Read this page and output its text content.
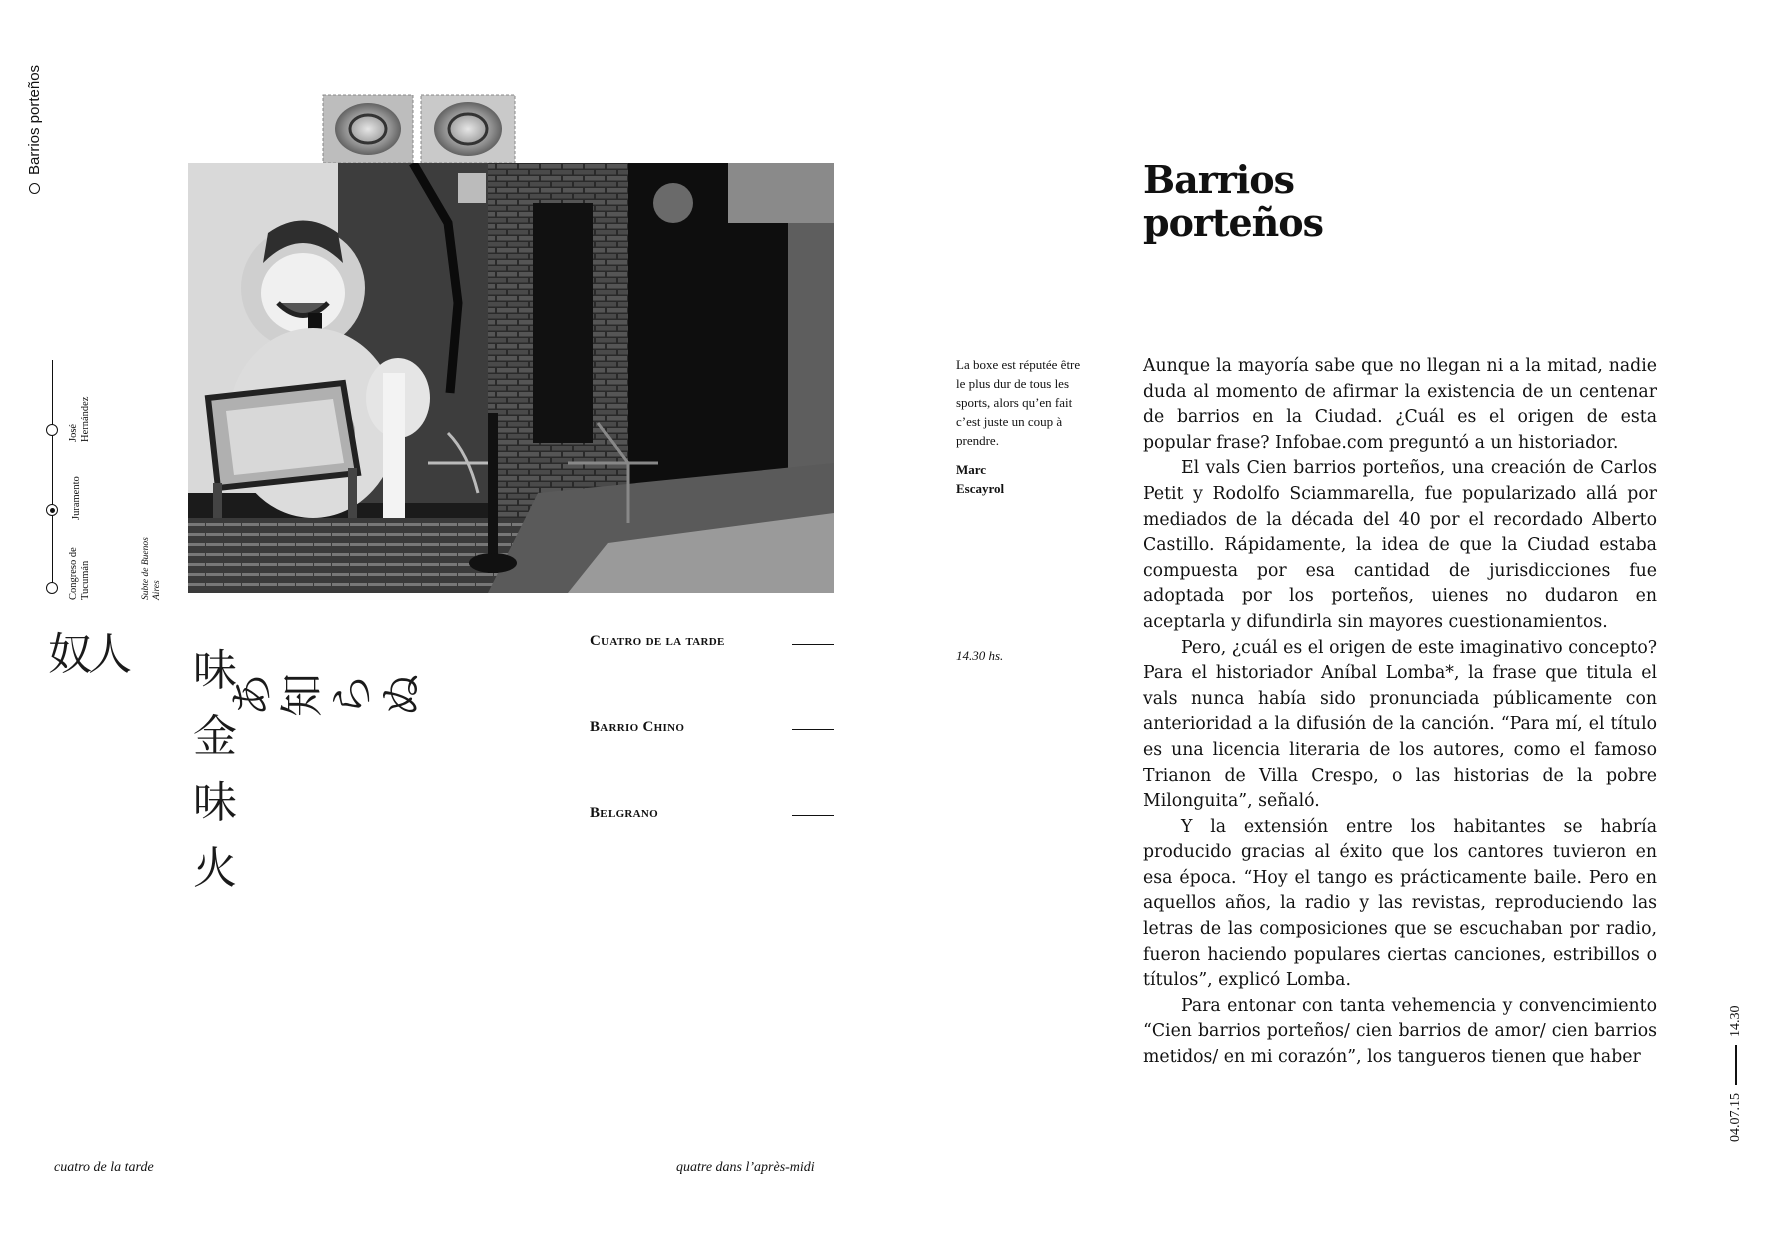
Barrios porteños
Congreso de Tucumán
Juramento
José Hernández
Subte de Buenos Aires
奴人 味金味火
あ知らぬ
Cuatro de la tarde
Barrio Chino
Belgrano
La boxe est réputée être le plus dur de tous les sports, alors qu’en fait c’est juste un coup à prendre.
Marc
Escayrol
14.30 hs.
Barrios
porteños

Aunque la mayoría sabe que no llegan ni a la mitad, nadie duda al momento de afirmar la existencia de un centenar de barrios en la Ciudad. ¿Cuál es el origen de esta popular frase? Infobae.com preguntó a un historiador.

El vals Cien barrios porteños, una creación de Carlos Petit y Rodolfo Sciammarella, fue popularizado allá por mediados de la década del 40 por el recordado Alberto Castillo. Rápidamente, la idea de que la Ciudad estaba compuesta por esa cantidad de jurisdicciones fue adoptada por los porteños, uienes no dudaron en aceptarla y difundirla sin mayores cuestionamientos.

Pero, ¿cuál es el origen de este imaginativo concepto? Para el historiador Aníbal Lomba*, la frase que titula el vals nunca había sido pronunciada públicamente con anterioridad a la difusión de la canción. “Para mí, el título es una licencia literaria de los autores, como el famoso Trianon de Villa Crespo, o las historias de la pobre Milonguita”, señaló.

Y la extensión entre los habitantes se habría producido gracias al éxito que los cantores tuvieron en esa época. “Hoy el tango es prácticamente baile. Pero en aquellos años, la radio y las revistas, reproduciendo las letras de las composiciones que se escuchaban por radio, fueron haciendo populares ciertas canciones, estribillos o títulos”, explicó Lomba.

Para entonar con tanta vehemencia y convencimiento “Cien barrios porteños/ cien barrios de amor/ cien barrios metidos/ en mi corazón”, los tangueros tienen que haber

cuatro de la tarde	quatre dans l’après-midi
04.07.15
14.30
